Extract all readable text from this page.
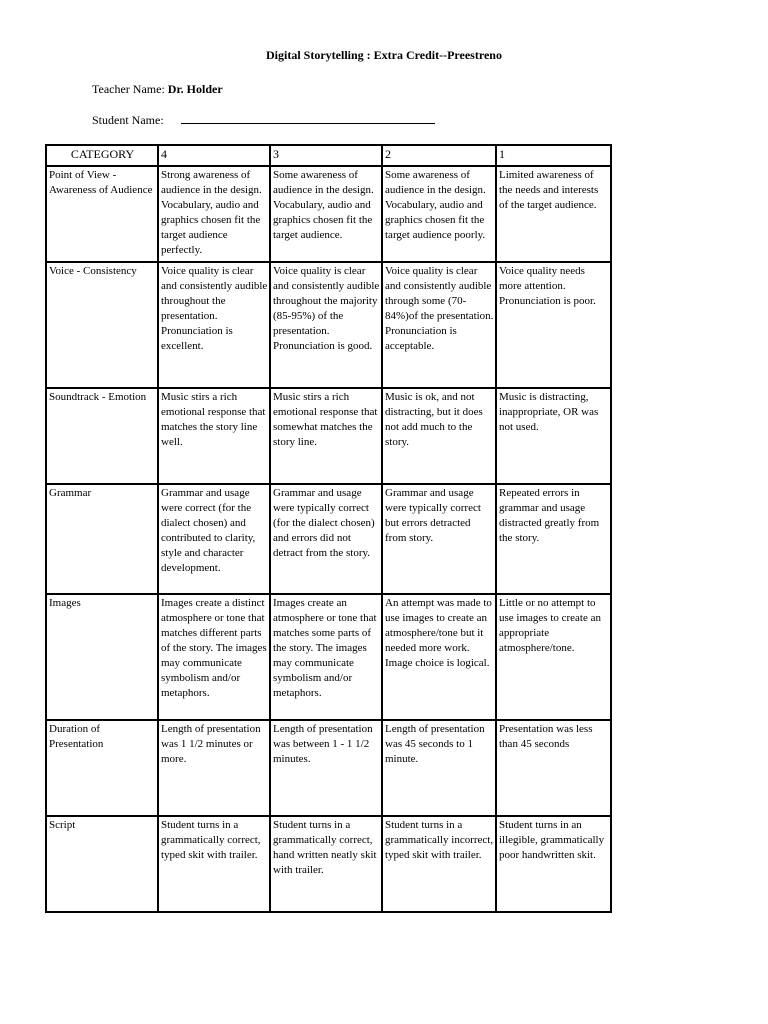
Digital Storytelling : Extra Credit--Preestreno
Teacher Name: Dr. Holder
Student Name:
CATEGORY	4	3	2	1
Point of View - Awareness of Audience	Strong awareness of audience in the design. Vocabulary, audio and graphics chosen fit the target audience perfectly.	Some awareness of audience in the design. Vocabulary, audio and graphics chosen fit the target audience.	Some awareness of audience in the design. Vocabulary, audio and graphics chosen fit the target audience poorly.	Limited awareness of the needs and interests of the target audience.
Voice - Consistency	Voice quality is clear and consistently audible throughout the presentation. Pronunciation is excellent.	Voice quality is clear and consistently audible throughout the majority (85-95%) of the presentation. Pronunciation is good.	Voice quality is clear and consistently audible through some (70-84%)of the presentation. Pronunciation is acceptable.	Voice quality needs more attention. Pronunciation is poor.
Soundtrack - Emotion	Music stirs a rich emotional response that matches the story line well.	Music stirs a rich emotional response that somewhat matches the story line.	Music is ok, and not distracting, but it does not add much to the story.	Music is distracting, inappropriate, OR was not used.
Grammar	Grammar and usage were correct (for the dialect chosen) and contributed to clarity, style and character development.	Grammar and usage were typically correct (for the dialect chosen) and errors did not detract from the story.	Grammar and usage were typically correct but errors detracted from story.	Repeated errors in grammar and usage distracted greatly from the story.
Images	Images create a distinct atmosphere or tone that matches different parts of the story. The images may communicate symbolism and/or metaphors.	Images create an atmosphere or tone that matches some parts of the story. The images may communicate symbolism and/or metaphors.	An attempt was made to use images to create an atmosphere/tone but it needed more work. Image choice is logical.	Little or no attempt to use images to create an appropriate atmosphere/tone.
Duration of Presentation	Length of presentation was 1 1/2 minutes or more.	Length of presentation was between 1 - 1 1/2 minutes.	Length of presentation was 45 seconds to 1 minute.	Presentation was less than 45 seconds
Script	Student turns in a grammatically correct, typed skit with trailer.	Student turns in a grammatically correct, hand written neatly skit with trailer.	Student turns in a grammatically incorrect, typed skit with trailer.	Student turns in an illegible, grammatically poor handwritten skit.
